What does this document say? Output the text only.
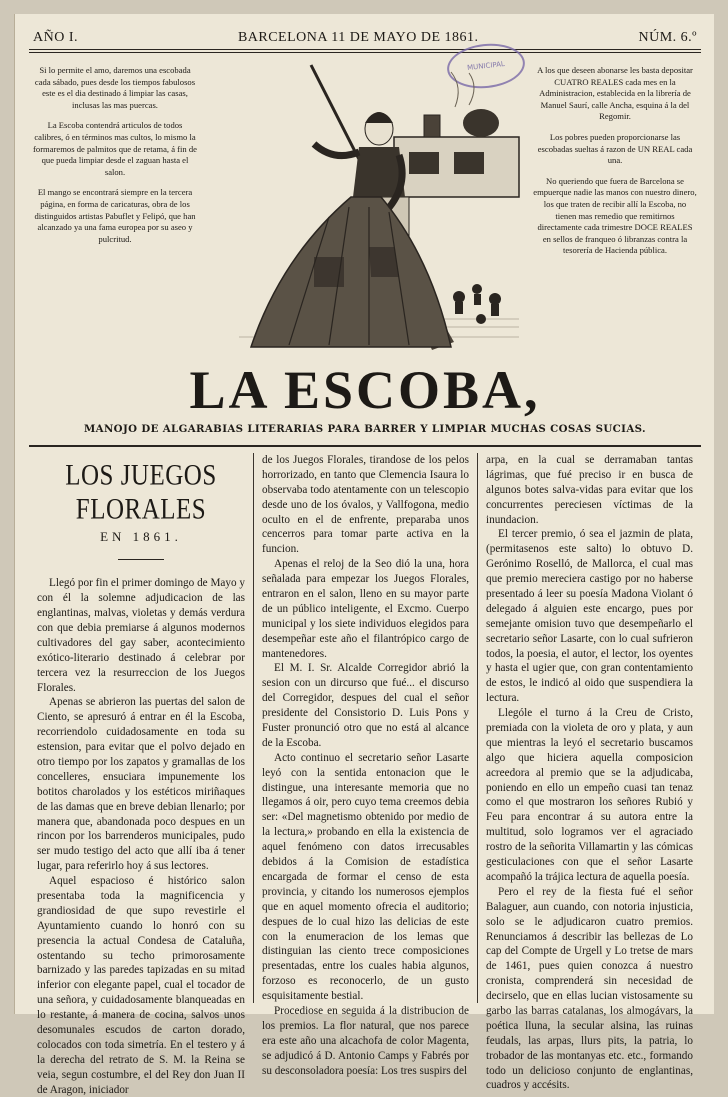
AÑO I.	BARCELONA 11 DE MAYO DE 1861.	NÚM. 6.º
MUNICIPAL

Si lo permite el amo, daremos una escobada cada sábado, pues desde los tiempos fabulosos este es el dia destinado á limpiar las casas, inclusas las mas puercas.

La Escoba contendrá articulos de todos calibres, ó en términos mas cultos, lo mismo la formaremos de palmitos que de retama, á fin de que pueda limpiar desde el zaguan hasta el salon.

El mango se encontrará siempre en la tercera página, en forma de caricaturas, obra de los distinguidos artistas Pabuflet y Felipó, que han alcanzado ya una fama europea por su aseo y pulcritud.

A los que deseen abonarse les basta depositar CUATRO REALES cada mes en la Administracion, establecida en la librería de Manuel Saurí, calle Ancha, esquina á la del Regomir.

Los pobres pueden proporcionarse las escobadas sueltas á razon de UN REAL cada una.

No queriendo que fuera de Barcelona se empuerque nadie las manos con nuestro dinero, los que traten de recibir allí la Escoba, no tienen mas remedio que remitirnos directamente cada trimestre DOCE REALES en sellos de franqueo ó libranzas contra la tesorería de Hacienda pública.

LA ESCOBA,
MANOJO DE ALGARABIAS LITERARIAS PARA BARRER Y LIMPIAR MUCHAS COSAS SUCIAS.
LOS JUEGOS FLORALES
EN 1861.

Llegó por fin el primer domingo de Mayo y con él la solemne adjudicacion de las englantinas, malvas, violetas y demás verdura con que debia premiarse á algunos modernos cultivadores del gay saber, acontecimiento exótico-literario destinado á celebrar por tercera vez la resurreccion de los Juegos Florales.

Apenas se abrieron las puertas del salon de Ciento, se apresuró á entrar en él la Escoba, recorriendolo cuidadosamente en toda su estension, para evitar que el polvo dejado en otro tiempo por los zapatos y gramallas de los concelleres, ensuciara impunemente los botitos charolados y los estéticos miriñaques de las damas que en breve debian llenarlo; por manera que, abandonada poco despues en un rincon por los barrenderos municipales, pudo ser mudo testigo del acto que allí iba á tener lugar, para referirlo hoy á sus lectores.

Aquel espacioso é histórico salon presentaba toda la magnificencia y grandiosidad de que supo revestirle el Ayuntamiento cuando lo honró con su presencia la actual Condesa de Cataluña, ostentando su techo primorosamente barnizado y las paredes tapizadas en su mitad inferior con elegante papel, cual el tocador de una señora, y cuidadosamente blanqueadas en lo restante, á manera de cocina, salvos unos desomunales escudos de carton dorado, colocados con toda simetría. En el testero y á la derecha del retrato de S. M. la Reina se veia, segun costumbre, el del Rey don Juan II de Aragon, iniciador

de los Juegos Florales, tirandose de los pelos horrorizado, en tanto que Clemencia Isaura lo observaba todo atentamente con un telescopio desde uno de los óvalos, y Vallfogona, medio oculto en el de enfrente, preparaba unos cencerros para tomar parte activa en la funcion.

Apenas el reloj de la Seo dió la una, hora señalada para empezar los Juegos Florales, entraron en el salon, lleno en su mayor parte de un público inteligente, el Excmo. Cuerpo municipal y los siete individuos elegidos para desempeñar este año el filantrópico cargo de mantenedores.

El M. I. Sr. Alcalde Corregidor abrió la sesion con un dircurso que fué... el discurso del Corregidor, despues del cual el señor presidente del Consistorio D. Luis Pons y Fuster pronunció otro que no está al alcance de la Escoba.

Acto continuo el secretario señor Lasarte leyó con la sentida entonacion que le distingue, una interesante memoria que no llegamos á oir, pero cuyo tema creemos debia ser: «Del magnetismo obtenido por medio de la lectura,» probando en ella la existencia de aquel fenómeno con datos irrecusables debidos á la Comision de estadística encargada de formar el censo de esta provincia, y citando los numerosos ejemplos que en aquel momento ofrecia el auditorio; despues de lo cual hizo las delicias de este con la enumeracion de los lemas que distinguian las ciento trece composiciones presentadas, entre los cuales habia algunos, forzoso es reconocerlo, de un gusto esquisitamente bestial.

Procediose en seguida á la distribucion de los premios. La flor natural, que nos parece era este año una alcachofa de color Magenta, se adjudicó á D. Antonio Camps y Fabrés por su desconsoladora poesía: Los tres suspirs del

arpa, en la cual se derramaban tantas lágrimas, que fué preciso ir en busca de algunos botes salva-vidas para evitar que los concurrentes pereciesen víctimas de la inundacion.

El tercer premio, ó sea el jazmin de plata, (permitasenos este salto) lo obtuvo D. Gerónimo Roselló, de Mallorca, el cual mas que premio mereciera castigo por no haberse presentado á leer su poesía Madona Violant ó delegado á alguien este encargo, pues por semejante omision tuvo que desempeñarlo el secretario señor Lasarte, con lo cual sufrieron todos, la poesia, el autor, el lector, los oyentes y hasta el ugier que, con gran contentamiento de estos, le indicó al oido que suspendiera la lectura.

Llególe el turno á la Creu de Cristo, premiada con la violeta de oro y plata, y aun que mientras la leyó el secretario buscamos algo que hiciera aquella composicion acreedora al premio que se la adjudicaba, poniendo en ello un empeño cuasi tan tenaz como el que mostraron los señores Rubió y Feu para encontrar á su autora entre la multitud, solo logramos ver el agraciado rostro de la señorita Villamartin y las cómicas gesticulaciones con que el señor Lasarte acompañó la trájica lectura de aquella poesía.

Pero el rey de la fiesta fué el señor Balaguer, aun cuando, con notoria injusticia, solo se le adjudicaron cuatro premios. Renunciamos á describir las bellezas de Lo cap del Compte de Urgell y Lo tretse de mars de 1461, pues quien conozca á nuestro cronista, comprenderá sin necesidad de decirselo, que en ellas lucian vistosamente su garbo las barras catalanas, los almogávars, la poética lluna, la secular alsina, las ruinas feudals, las arpas, llurs pits, la patria, lo trobador de las montanyas etc. etc., formando todo un delicioso conjunto de englantinas, cuadros y accésits.
